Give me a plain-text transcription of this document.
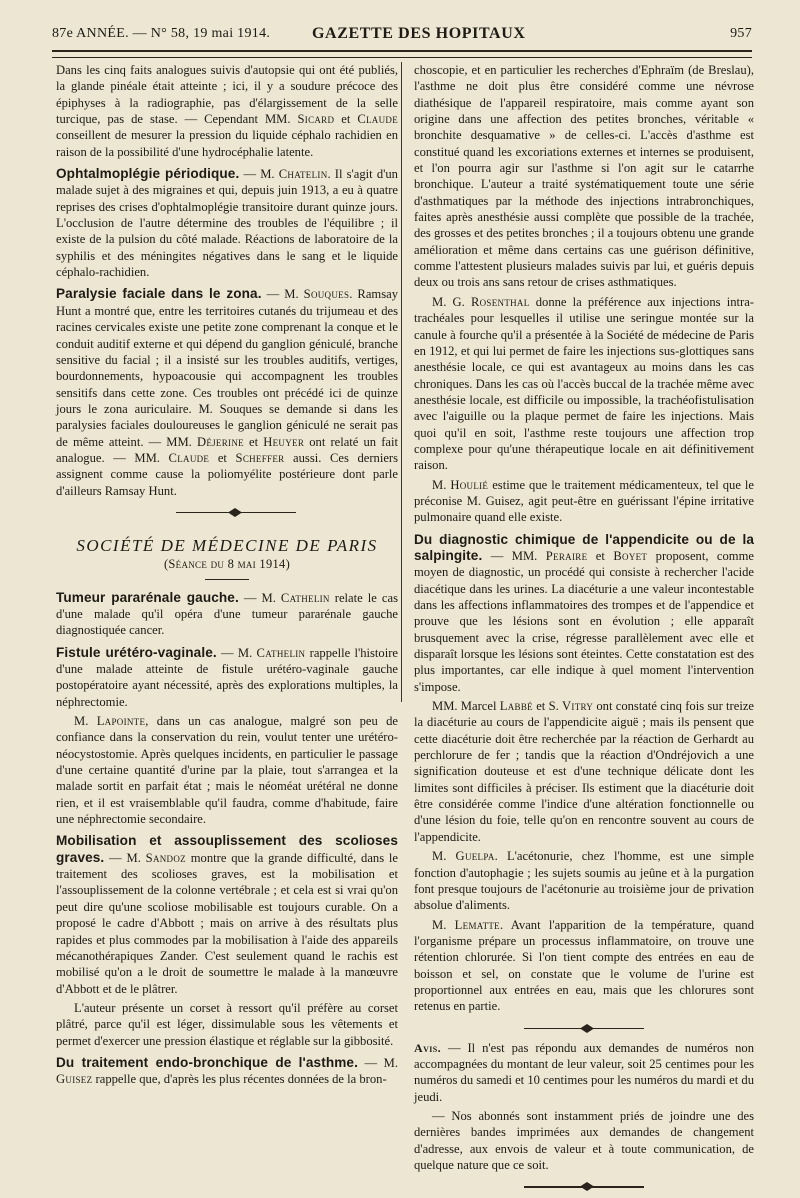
87e ANNÉE. — N° 58, 19 mai 1914.	GAZETTE DES HOPITAUX	957

Dans les cinq faits analogues suivis d'autopsie qui ont été publiés, la glande pinéale était atteinte ; ici, il y a soudure précoce des épiphyses à la radiographie, pas d'élargissement de la selle turcique, pas de stase. — Cependant MM. Sicard et Claude conseillent de mesurer la pression du liquide céphalo rachidien en raison de la possibilité d'une hydrocéphalie latente.

Ophtalmoplégie périodique. — M. Chatelin. Il s'agit d'un malade sujet à des migraines et qui, depuis juin 1913, a eu à quatre reprises des crises d'ophtalmoplégie transitoire durant quinze jours. L'occlusion de l'autre détermine des troubles de l'équilibre ; il existe de la pulsion du côté malade. Réactions de laboratoire de la syphilis et des méningites négatives dans le sang et le liquide céphalo-rachidien.

Paralysie faciale dans le zona. — M. Souques. Ramsay Hunt a montré que, entre les territoires cutanés du trijumeau et des racines cervicales existe une petite zone comprenant la conque et le conduit auditif externe et qui dépend du ganglion géniculé, branche sensitive du facial ; il a insisté sur les troubles auditifs, vertiges, bourdonnements, hypoacousie qui accompagnent les troubles sensitifs dans cette zone. Ces troubles ont précédé ici de quinze jours le zona auriculaire. M. Souques se demande si dans les paralysies faciales douloureuses le ganglion géniculé ne serait pas de même atteint. — MM. Déjerine et Heuyer ont relaté un fait analogue. — MM. Claude et Scheffer aussi. Ces derniers assignent comme cause la poliomyélite postérieure dont parle d'ailleurs Ramsay Hunt.

SOCIÉTÉ DE MÉDECINE DE PARIS
(Séance du 8 mai 1914)

Tumeur pararénale gauche. — M. Cathelin relate le cas d'une malade qu'il opéra d'une tumeur pararénale gauche diagnostiquée cancer.

Fistule urétéro-vaginale. — M. Cathelin rappelle l'histoire d'une malade atteinte de fistule urétéro-vaginale gauche postopératoire ayant nécessité, après des explorations multiples, la néphrectomie.

M. Lapointe, dans un cas analogue, malgré son peu de confiance dans la conservation du rein, voulut tenter une urétéro-néocystostomie. Après quelques incidents, en particulier le passage d'une certaine quantité d'urine par la plaie, tout s'arrangea et la malade sortit en parfait état ; mais le néoméat urétéral ne donne rien, et il est vraisemblable qu'il faudra, comme d'habitude, faire une néphrectomie secondaire.

Mobilisation et assouplissement des scolioses graves. — M. Sandoz montre que la grande difficulté, dans le traitement des scolioses graves, est la mobilisation et l'assouplissement de la colonne vertébrale ; et cela est si vrai qu'on peut dire qu'une scoliose mobilisable est toujours curable. On a proposé le cadre d'Abbott ; mais on arrive à des résultats plus rapides et plus commodes par la mobilisation à l'aide des appareils mécanothérapiques Zander. C'est seulement quand le rachis est mobilisé qu'on a le droit de soumettre le malade à la manœuvre d'Abbott et de le plâtrer.

L'auteur présente un corset à ressort qu'il préfère au corset plâtré, parce qu'il est léger, dissimulable sous les vêtements et permet d'exercer une pression élastique et réglable sur la gibbosité.

Du traitement endo-bronchique de l'asthme. — M. Guisez rappelle que, d'après les plus récentes données de la bron-

choscopie, et en particulier les recherches d'Ephraïm (de Breslau), l'asthme ne doit plus être considéré comme une névrose diathésique de l'appareil respiratoire, mais comme ayant son origine dans une affection des petites bronches, véritable « bronchite desquamative » de celles-ci. L'accès d'asthme est constitué quand les excoriations externes et internes se produisent, et l'on pourra agir sur l'asthme si l'on agit sur le catarrhe bronchique. L'auteur a traité systématiquement toute une série d'asthmatiques par la méthode des injections intrabronchiques, faites après anesthésie aussi complète que possible de la trachée, des grosses et des petites bronches ; il a toujours obtenu une grande amélioration et même dans certains cas une guérison définitive, comme l'attestent plusieurs malades suivis par lui, et guéris depuis deux ou trois ans sans retour de crises asthmatiques.

M. G. Rosenthal donne la préférence aux injections intra-trachéales pour lesquelles il utilise une seringue montée sur la canule à fourche qu'il a présentée à la Société de médecine de Paris en 1912, et qui lui permet de faire les injections sus-glottiques sans anesthésie locale, ce qui est avantageux au moins dans les cas chroniques. Dans les cas où l'accès buccal de la trachée même avec anesthésie locale, est difficile ou impossible, la trachéofistulisation avec l'aiguille ou la plaque permet de faire les injections. Mais quoi qu'il en soit, l'asthme reste toujours une affection trop complexe pour qu'une thérapeutique locale en ait définitivement raison.

M. Houlié estime que le traitement médicamenteux, tel que le préconise M. Guisez, agit peut-être en guérissant l'épine irritative pulmonaire quand elle existe.

Du diagnostic chimique de l'appendicite ou de la salpingite. — MM. Peraire et Boyet proposent, comme moyen de diagnostic, un procédé qui consiste à rechercher l'acide diacétique dans les urines. La diacéturie a une valeur incontestable dans les affections inflammatoires des trompes et de l'appendice et prouve que les lésions sont en évolution ; elle apparaît brusquement avec la crise, régresse parallèlement avec elle et disparaît lorsque les lésions sont éteintes. Cette constatation est des plus importantes, car elle indique à quel moment l'intervention s'impose.

MM. Marcel Labbé et S. Vitry ont constaté cinq fois sur treize la diacéturie au cours de l'appendicite aiguë ; mais ils pensent que cette diacéturie doit être recherchée par la réaction de Gerhardt au perchlorure de fer ; tandis que la réaction d'Ondréjovich a une signification douteuse et est d'une technique délicate dont les limites sont difficiles à préciser. Ils estiment que la diacéturie doit être considérée comme l'indice d'une altération fonctionnelle ou d'une lésion du foie, telle qu'on en rencontre souvent au cours de l'appendicite.

M. Guelpa. L'acétonurie, chez l'homme, est une simple fonction d'autophagie ; les sujets soumis au jeûne et à la purgation font presque toujours de l'acétonurie au troisième jour de privation absolue d'aliments.

M. Lematte. Avant l'apparition de la température, quand l'organisme prépare un processus inflammatoire, on trouve une rétention chlorurée. Si l'on tient compte des entrées en eau de boisson et sel, on constate que le volume de l'urine est proportionnel aux entrées en eau, mais que les chlorures sont retenus en partie.

Avis. — Il n'est pas répondu aux demandes de numéros non accompagnées du montant de leur valeur, soit 25 centimes pour les numéros du samedi et 10 centimes pour les numéros du mardi et du jeudi.

— Nos abonnés sont instamment priés de joindre une des dernières bandes imprimées aux demandes de changement d'adresse, aux envois de valeur et à toute communication, de quelque nature que ce soit.
